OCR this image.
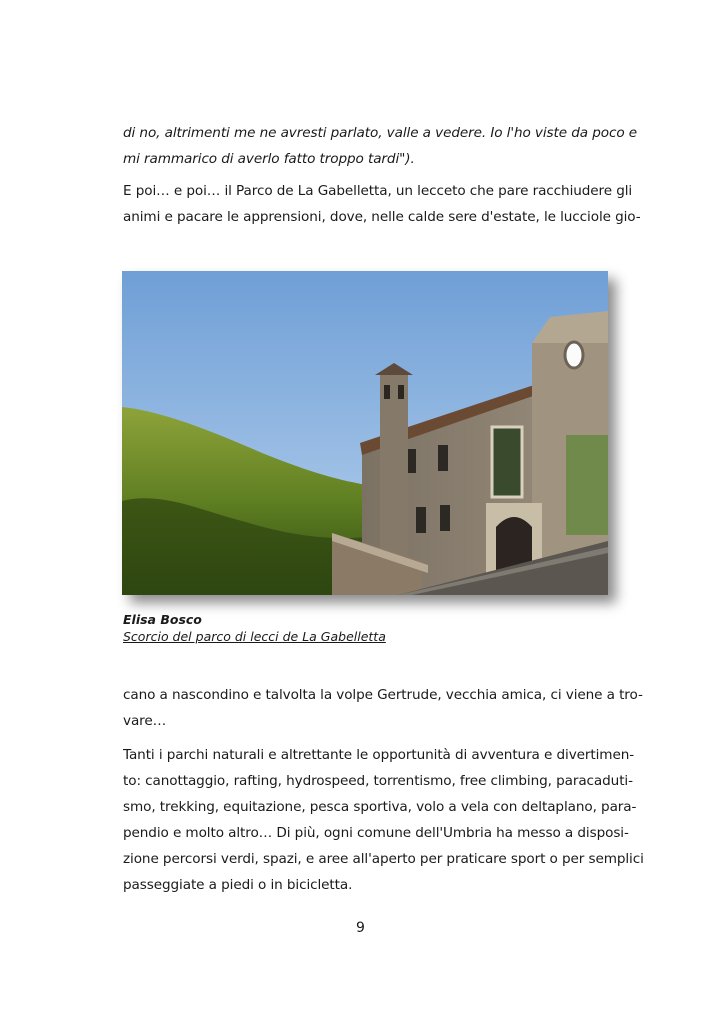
di no, altrimenti me ne avresti parlato, valle a vedere. Io l'ho viste da poco e
mi rammarico di averlo fatto troppo tardi").

E poi… e poi… il Parco de La Gabelletta, un lecceto che pare racchiudere gli
animi e pacare le apprensioni, dove, nelle calde sere d'estate, le lucciole gio-

Elisa Bosco
Scorcio del parco di lecci de La Gabelletta

cano a nascondino e talvolta la volpe Gertrude, vecchia amica, ci viene a tro-
vare…

Tanti i parchi naturali e altrettante le opportunità di avventura e divertimen-
to: canottaggio, rafting, hydrospeed, torrentismo, free climbing, paracaduti-
smo, trekking, equitazione, pesca sportiva, volo a vela con deltaplano, para-
pendio e molto altro… Di più, ogni comune dell'Umbria ha messo a disposi-
zione percorsi verdi, spazi, e aree all'aperto per praticare sport o per semplici
passeggiate a piedi o in bicicletta.

9
